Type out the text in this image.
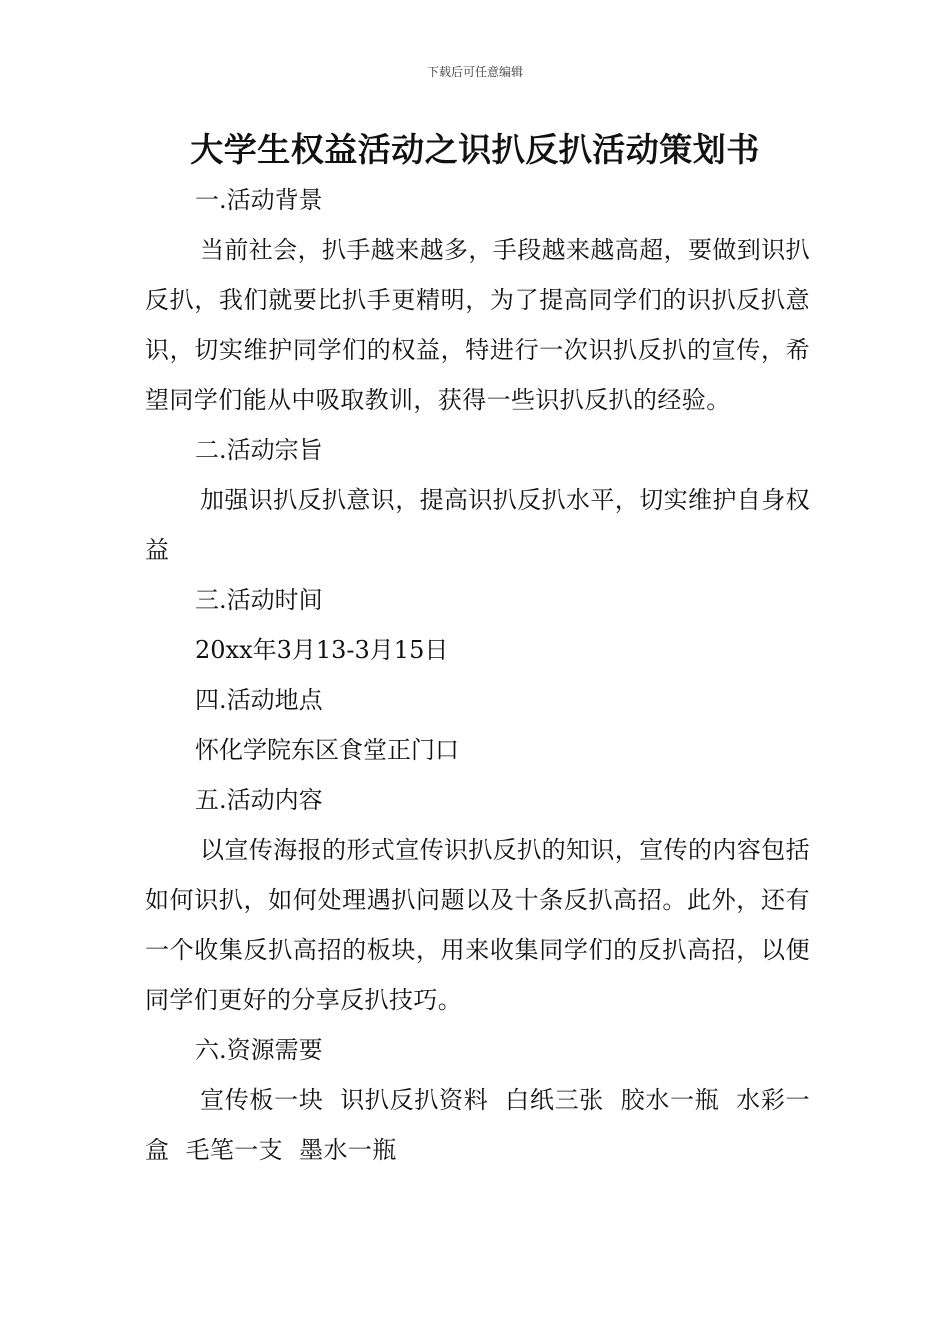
下载后可任意编辑
大学生权益活动之识扒反扒活动策划书

一.活动背景

当前社会，扒手越来越多，手段越来越高超，要做到识扒反扒，我们就要比扒手更精明，为了提高同学们的识扒反扒意识，切实维护同学们的权益，特进行一次识扒反扒的宣传，希望同学们能从中吸取教训，获得一些识扒反扒的经验。

二.活动宗旨

加强识扒反扒意识，提高识扒反扒水平，切实维护自身权益

三.活动时间

20xx年3月13-3月15日

四.活动地点

怀化学院东区食堂正门口

五.活动内容

以宣传海报的形式宣传识扒反扒的知识，宣传的内容包括如何识扒，如何处理遇扒问题以及十条反扒高招。此外，还有一个收集反扒高招的板块，用来收集同学们的反扒高招，以便同学们更好的分享反扒技巧。

六.资源需要

宣传板一块  识扒反扒资料  白纸三张  胶水一瓶  水彩一盒  毛笔一支  墨水一瓶
